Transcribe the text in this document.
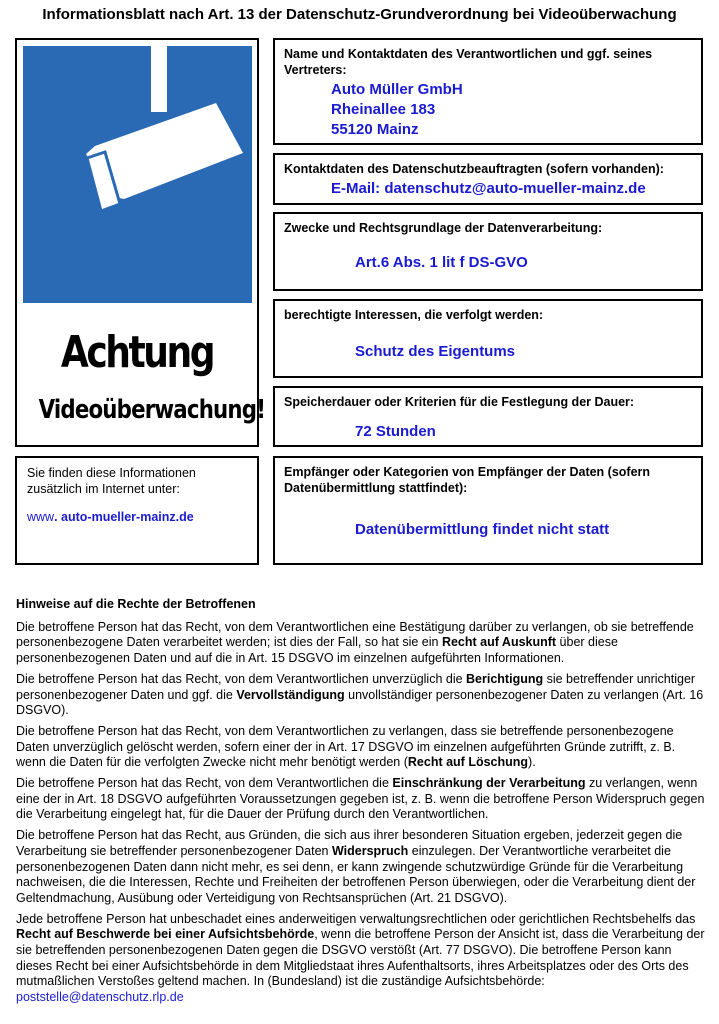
Informationsblatt nach Art. 13 der Datenschutz-Grundverordnung bei Videoüberwachung
Achtung
Videoüberwachung!
Sie finden diese Informationen zusätzlich im Internet unter:
www. auto-mueller-mainz.de
Name und Kontaktdaten des Verantwortlichen und ggf. seines Vertreters:
Auto Müller GmbH
Rheinallee 183
55120 Mainz
Kontaktdaten des Datenschutzbeauftragten (sofern vorhanden):
E-Mail: datenschutz@auto-mueller-mainz.de
Zwecke und Rechtsgrundlage der Datenverarbeitung:
Art.6 Abs. 1 lit f DS-GVO
berechtigte Interessen, die verfolgt werden:
Schutz des Eigentums
Speicherdauer oder Kriterien für die Festlegung der Dauer:
72 Stunden
Empfänger oder Kategorien von Empfänger der Daten (sofern Datenübermittlung stattfindet):
Datenübermittlung findet nicht statt
Hinweise auf die Rechte der Betroffenen

Die betroffene Person hat das Recht, von dem Verantwortlichen eine Bestätigung darüber zu verlangen, ob sie betreffende personenbezogene Daten verarbeitet werden; ist dies der Fall, so hat sie ein Recht auf Auskunft über diese personenbezogenen Daten und auf die in Art. 15 DSGVO im einzelnen aufgeführten Informationen.

Die betroffene Person hat das Recht, von dem Verantwortlichen unverzüglich die Berichtigung sie betreffender unrichtiger personenbezogener Daten und ggf. die Vervollständigung unvollständiger personenbezogener Daten zu verlangen (Art. 16 DSGVO).

Die betroffene Person hat das Recht, von dem Verantwortlichen zu verlangen, dass sie betreffende personenbezogene Daten unverzüglich gelöscht werden, sofern einer der in Art. 17 DSGVO im einzelnen aufgeführten Gründe zutrifft, z. B. wenn die Daten für die verfolgten Zwecke nicht mehr benötigt werden (Recht auf Löschung).

Die betroffene Person hat das Recht, von dem Verantwortlichen die Einschränkung der Verarbeitung zu verlangen, wenn eine der in Art. 18 DSGVO aufgeführten Voraussetzungen gegeben ist, z. B. wenn die betroffene Person Widerspruch gegen die Verarbeitung eingelegt hat, für die Dauer der Prüfung durch den Verantwortlichen.

Die betroffene Person hat das Recht, aus Gründen, die sich aus ihrer besonderen Situation ergeben, jederzeit gegen die Verarbeitung sie betreffender personenbezogener Daten Widerspruch einzulegen. Der Verantwortliche verarbeitet die personenbezogenen Daten dann nicht mehr, es sei denn, er kann zwingende schutzwürdige Gründe für die Verarbeitung nachweisen, die die Interessen, Rechte und Freiheiten der betroffenen Person überwiegen, oder die Verarbeitung dient der Geltendmachung, Ausübung oder Verteidigung von Rechtsansprüchen (Art. 21 DSGVO).

Jede betroffene Person hat unbeschadet eines anderweitigen verwaltungsrechtlichen oder gerichtlichen Rechtsbehelfs das Recht auf Beschwerde bei einer Aufsichtsbehörde, wenn die betroffene Person der Ansicht ist, dass die Verarbeitung der sie betreffenden personenbezogenen Daten gegen die DSGVO verstößt (Art. 77 DSGVO). Die betroffene Person kann dieses Recht bei einer Aufsichtsbehörde in dem Mitgliedstaat ihres Aufenthaltsorts, ihres Arbeitsplatzes oder des Orts des mutmaßlichen Verstoßes geltend machen. In (Bundesland) ist die zuständige Aufsichtsbehörde: poststelle@datenschutz.rlp.de
